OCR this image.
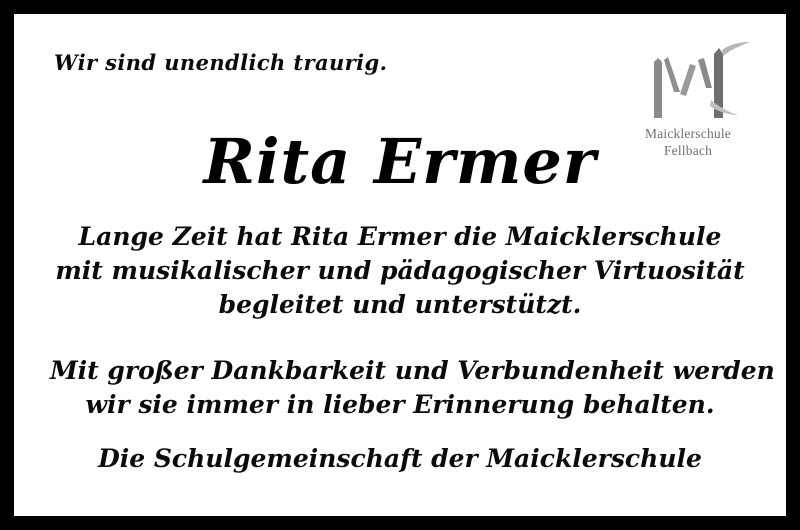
Wir sind unendlich traurig.
Rita Ermer
Lange Zeit hat Rita Ermer die Maicklerschule
mit musikalischer und pädagogischer Virtuosität
begleitet und unterstützt.
Mit großer Dankbarkeit und Verbundenheit werden
wir sie immer in lieber Erinnerung behalten.
Die Schulgemeinschaft der Maicklerschule
Maicklerschule
Fellbach
